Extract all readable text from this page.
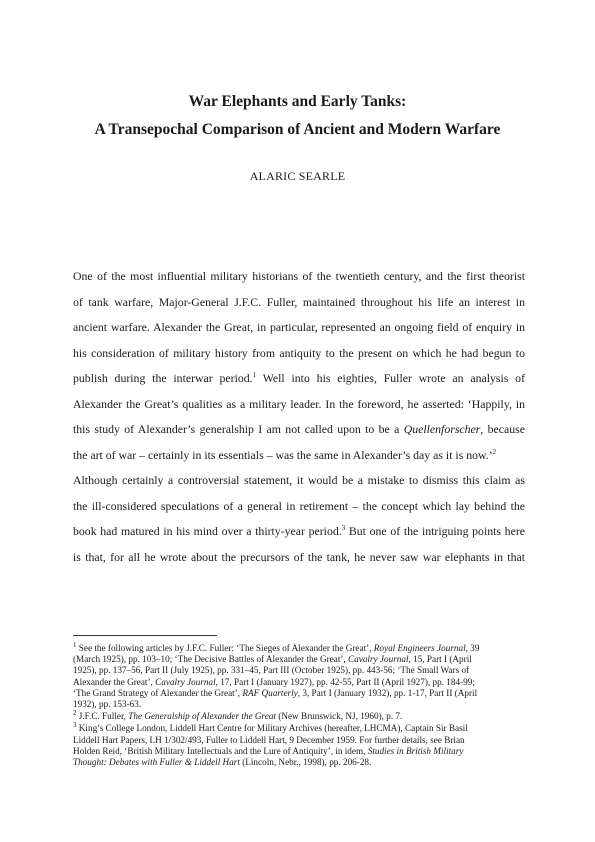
War Elephants and Early Tanks:
A Transepochal Comparison of Ancient and Modern Warfare
ALARIC SEARLE
One of the most influential military historians of the twentieth century, and the first theorist
of tank warfare, Major-General J.F.C. Fuller, maintained throughout his life an interest in
ancient warfare. Alexander the Great, in particular, represented an ongoing field of enquiry in
his consideration of military history from antiquity to the present on which he had begun to
publish during the interwar period.$^1$ Well into his eighties, Fuller wrote an analysis of
Alexander the Great’s qualities as a military leader. In the foreword, he asserted: ‘Happily, in
this study of Alexander’s generalship I am not called upon to be a Quellenforscher, because
the art of war – certainly in its essentials – was the same in Alexander’s day as it is now.’$^2$
Although certainly a controversial statement, it would be a mistake to dismiss this claim as
the ill-considered speculations of a general in retirement – the concept which lay behind the
book had matured in his mind over a thirty-year period.$^3$ But one of the intriguing points here
is that, for all he wrote about the precursors of the tank, he never saw war elephants in that
$^1$ See the following articles by J.F.C. Fuller: ‘The Sieges of Alexander the Great’, Royal Engineers Journal, 39
(March 1925), pp. 103–10; ‘The Decisive Battles of Alexander the Great’, Cavalry Journal, 15, Part I (April
1925), pp. 137–56, Part II (July 1925), pp. 331–45, Part III (October 1925), pp. 443-56; ‘The Small Wars of
Alexander the Great’, Cavalry Journal, 17, Part I (January 1927), pp. 42-55, Part II (April 1927), pp. 184-99;
‘The Grand Strategy of Alexander the Great’, RAF Quarterly, 3, Part I (January 1932), pp. 1-17, Part II (April
1932), pp. 153-63.
$^2$ J.F.C. Fuller, The Generalship of Alexander the Great (New Brunswick, NJ, 1960), p. 7.
$^3$ King’s College London, Liddell Hart Centre for Military Archives (hereafter, LHCMA), Captain Sir Basil
Liddell Hart Papers, LH 1/302/493, Fuller to Liddell Hart, 9 December 1959. For further details, see Brian
Holden Reid, ‘British Military Intellectuals and the Lure of Antiquity’, in idem, Studies in British Military
Thought: Debates with Fuller & Liddell Hart (Lincoln, Nebr., 1998), pp. 206-28.
